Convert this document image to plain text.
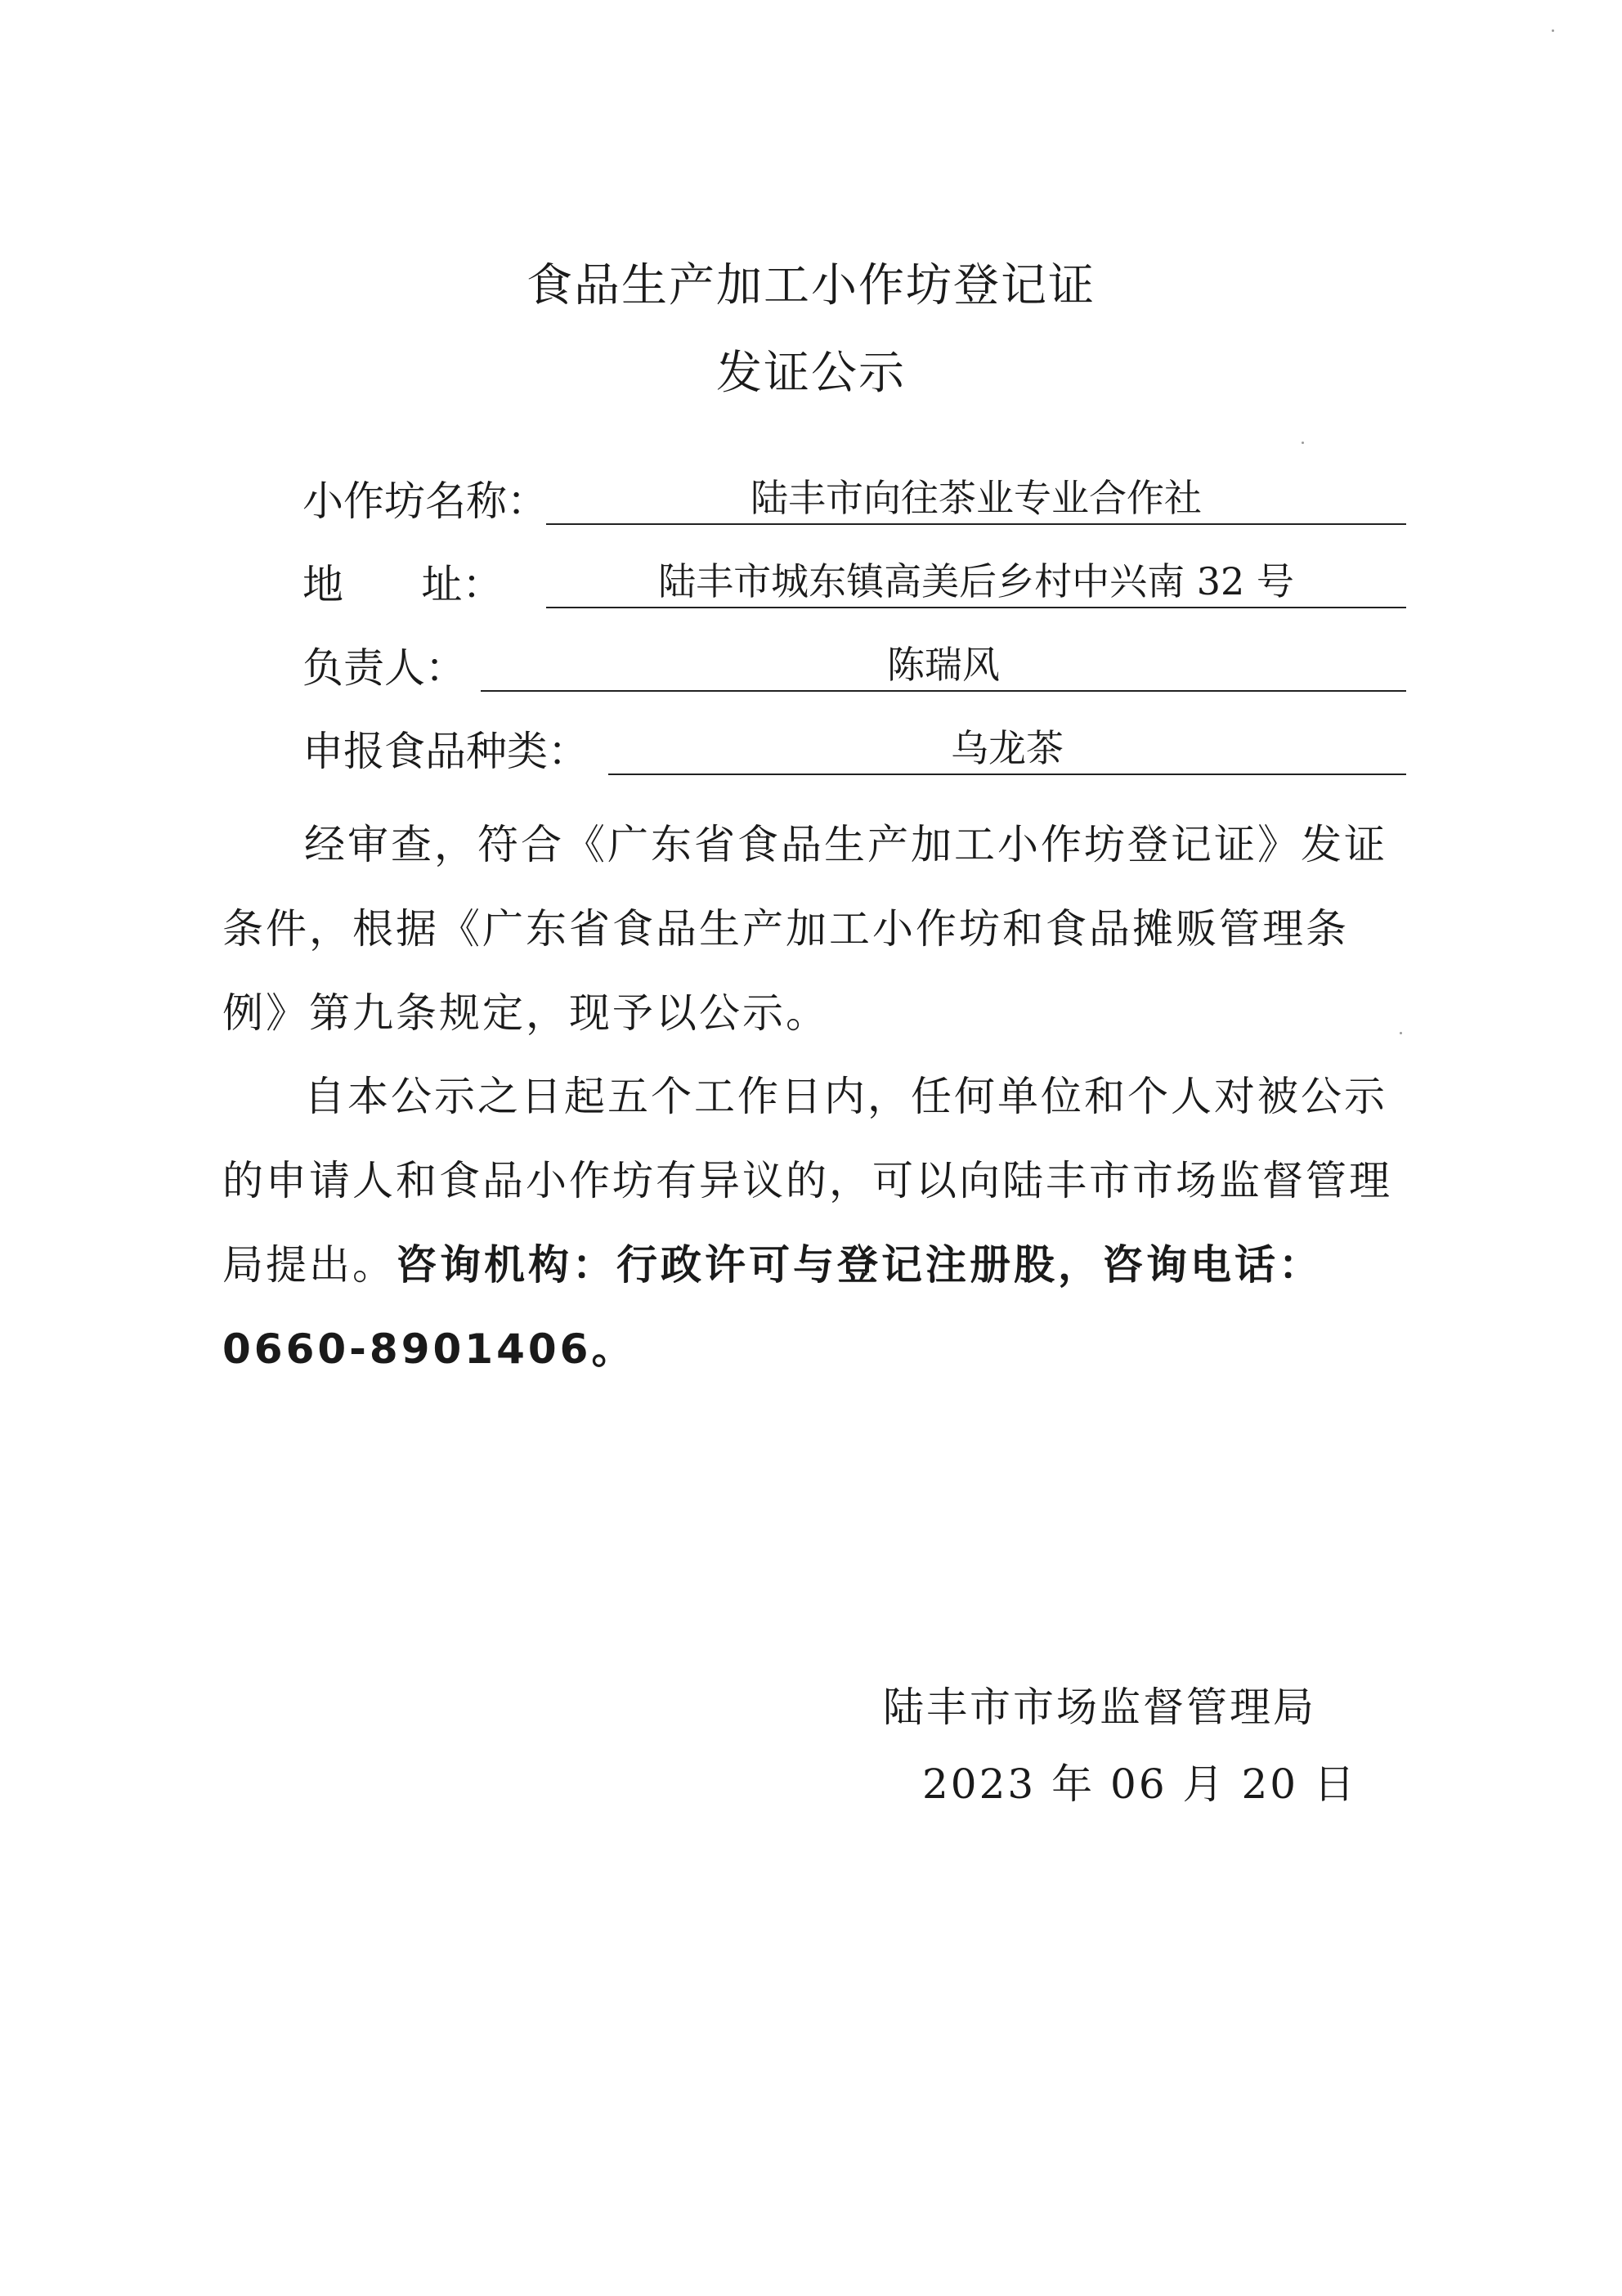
食品生产加工小作坊登记证
发证公示
小作坊名称：	陆丰市向往茶业专业合作社
地      址：	陆丰市城东镇高美后乡村中兴南 32 号
负责人：	陈瑞风
申报食品种类：	乌龙茶
经审查，符合《广东省食品生产加工小作坊登记证》发证条件，根据《广东省食品生产加工小作坊和食品摊贩管理条例》第九条规定，现予以公示。
自本公示之日起五个工作日内，任何单位和个人对被公示的申请人和食品小作坊有异议的，可以向陆丰市市场监督管理局提出。咨询机构：行政许可与登记注册股，咨询电话：0660-8901406。
陆丰市市场监督管理局
2023 年 06 月 20 日
